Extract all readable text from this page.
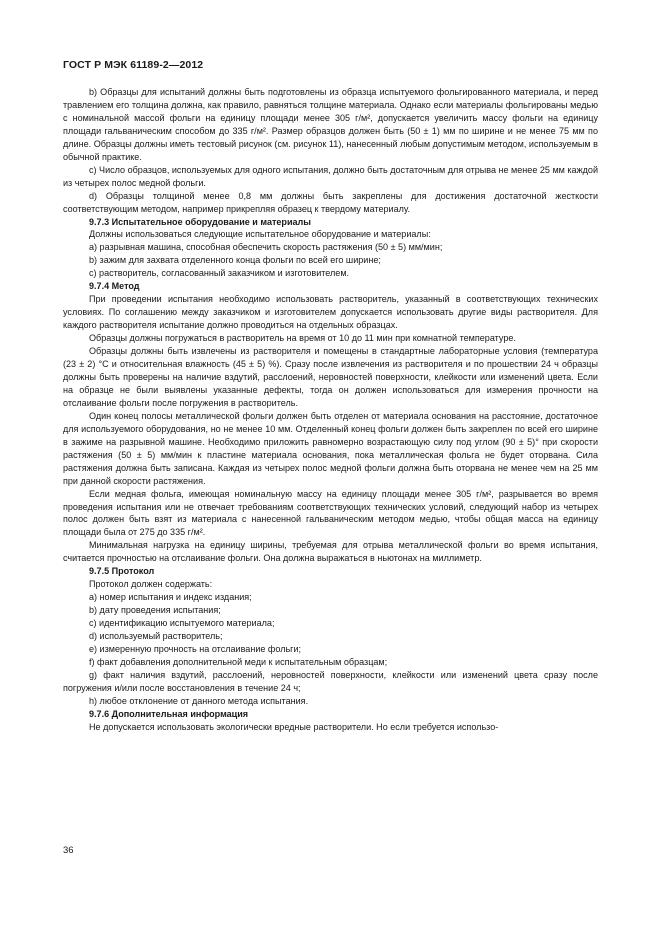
ГОСТ Р МЭК 61189-2—2012

b) Образцы для испытаний должны быть подготовлены из образца испытуемого фольгированного материала, и перед травлением его толщина должна, как правило, равняться толщине материала. Однако если материалы фольгированы медью с номинальной массой фольги на единицу площади менее 305 г/м², допускается увеличить массу фольги на единицу площади гальваническим способом до 335 г/м². Размер образцов должен быть (50 ± 1) мм по ширине и не менее 75 мм по длине. Образцы должны иметь тестовый рисунок (см. рисунок 11), нанесенный любым допустимым методом, используемым в обычной практике.

c) Число образцов, используемых для одного испытания, должно быть достаточным для отрыва не менее 25 мм каждой из четырех полос медной фольги.

d) Образцы толщиной менее 0,8 мм должны быть закреплены для достижения достаточной жесткости соответствующим методом, например прикрепляя образец к твердому материалу.

9.7.3 Испытательное оборудование и материалы

Должны использоваться следующие испытательное оборудование и материалы:

a) разрывная машина, способная обеспечить скорость растяжения (50 ± 5) мм/мин;

b) зажим для захвата отделенного конца фольги по всей его ширине;

c) растворитель, согласованный заказчиком и изготовителем.

9.7.4 Метод

При проведении испытания необходимо использовать растворитель, указанный в соответствующих технических условиях. По соглашению между заказчиком и изготовителем допускается использовать другие виды растворителя. Для каждого растворителя испытание должно проводиться на отдельных образцах.

Образцы должны погружаться в растворитель на время от 10 до 11 мин при комнатной температуре.

Образцы должны быть извлечены из растворителя и помещены в стандартные лабораторные условия (температура (23 ± 2) °C и относительная влажность (45 ± 5) %). Сразу после извлечения из растворителя и по прошествии 24 ч образцы должны быть проверены на наличие вздутий, расслоений, неровностей поверхности, клейкости или изменений цвета. Если на образце не были выявлены указанные дефекты, тогда он должен использоваться для измерения прочности на отслаивание фольги после погружения в растворитель.

Один конец полосы металлической фольги должен быть отделен от материала основания на расстояние, достаточное для используемого оборудования, но не менее 10 мм. Отделенный конец фольги должен быть закреплен по всей его ширине в зажиме на разрывной машине. Необходимо приложить равномерно возрастающую силу под углом (90 ± 5)° при скорости растяжения (50 ± 5) мм/мин к пластине материала основания, пока металлическая фольга не будет оторвана. Сила растяжения должна быть записана. Каждая из четырех полос медной фольги должна быть оторвана не менее чем на 25 мм при данной скорости растяжения.

Если медная фольга, имеющая номинальную массу на единицу площади менее 305 г/м², разрывается во время проведения испытания или не отвечает требованиям соответствующих технических условий, следующий набор из четырех полос должен быть взят из материала с нанесенной гальваническим методом медью, чтобы общая масса на единицу площади была от 275 до 335 г/м².

Минимальная нагрузка на единицу ширины, требуемая для отрыва металлической фольги во время испытания, считается прочностью на отслаивание фольги. Она должна выражаться в ньютонах на миллиметр.

9.7.5 Протокол

Протокол должен содержать:

a) номер испытания и индекс издания;

b) дату проведения испытания;

c) идентификацию испытуемого материала;

d) используемый растворитель;

e) измеренную прочность на отслаивание фольги;

f) факт добавления дополнительной меди к испытательным образцам;

g) факт наличия вздутий, расслоений, неровностей поверхности, клейкости или изменений цвета сразу после погружения и/или после восстановления в течение 24 ч;

h) любое отклонение от данного метода испытания.

9.7.6 Дополнительная информация

Не допускается использовать экологически вредные растворители. Но если требуется использо-

36
